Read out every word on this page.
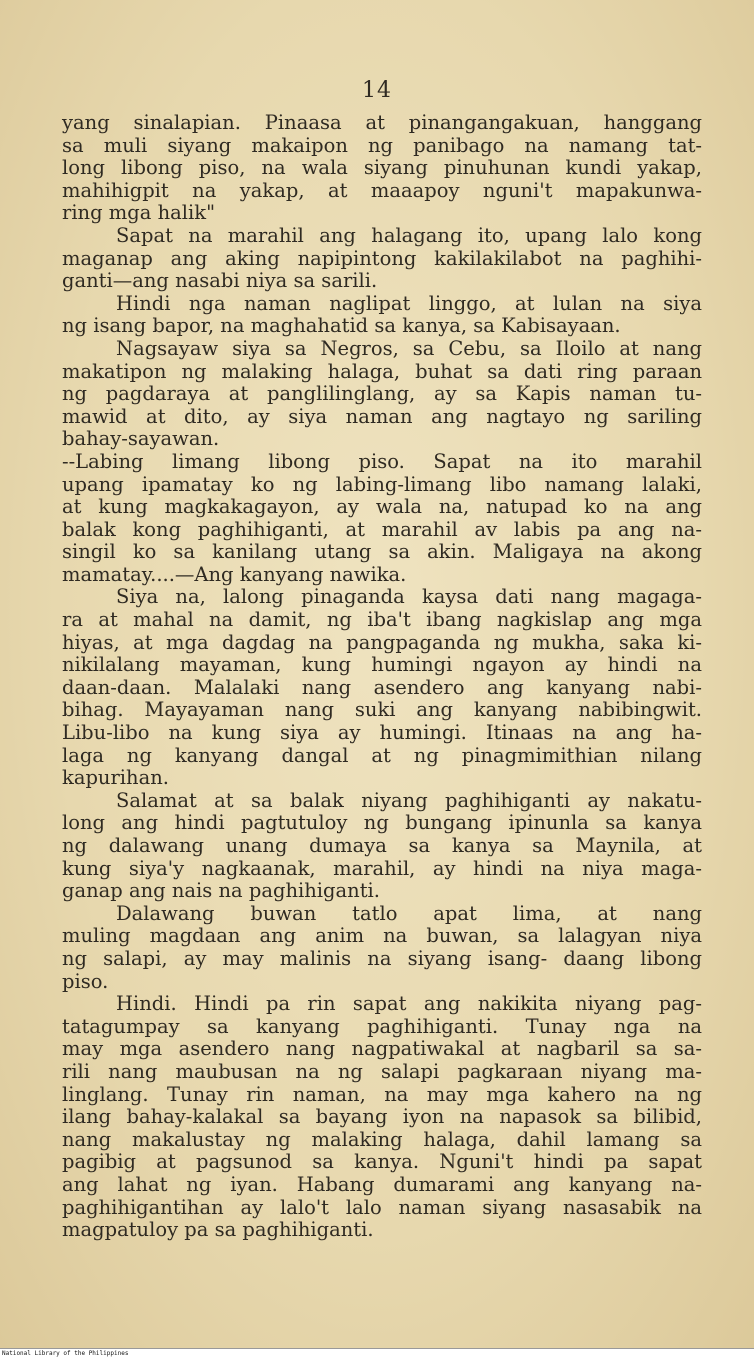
14
yang sinalapian. Pinaasa at pinangangakuan, hanggang
sa muli siyang makaipon ng panibago na namang tat-
long libong piso, na wala siyang pinuhunan kundi yakap,
mahihigpit na yakap, at maaapoy nguni't mapakunwa-
ring mga halik"
Sapat na marahil ang halagang ito, upang lalo kong
maganap ang aking napipintong kakilakilabot na paghihi-
ganti—ang nasabi niya sa sarili.
Hindi nga naman naglipat linggo, at lulan na siya
ng isang bapor, na maghahatid sa kanya, sa Kabisayaan.
Nagsayaw siya sa Negros, sa Cebu, sa Iloilo at nang
makatipon ng malaking halaga, buhat sa dati ring paraan
ng pagdaraya at panglilinglang, ay sa Kapis naman tu-
mawid at dito, ay siya naman ang nagtayo ng sariling
bahay-sayawan.
--Labing limang libong piso. Sapat na ito marahil
upang ipamatay ko ng labing-limang libo namang lalaki,
at kung magkakagayon, ay wala na, natupad ko na ang
balak kong paghihiganti, at marahil av labis pa ang na-
singil ko sa kanilang utang sa akin. Maligaya na akong
mamatay....—Ang kanyang nawika.
Siya na, lalong pinaganda kaysa dati nang magaga-
ra at mahal na damit, ng iba't ibang nagkislap ang mga
hiyas, at mga dagdag na pangpaganda ng mukha, saka ki-
nikilalang mayaman, kung humingi ngayon ay hindi na
daan-daan. Malalaki nang asendero ang kanyang nabi-
bihag. Mayayaman nang suki ang kanyang nabibingwit.
Libu-libo na kung siya ay humingi. Itinaas na ang ha-
laga ng kanyang dangal at ng pinagmimithian nilang
kapurihan.
Salamat at sa balak niyang paghihiganti ay nakatu-
long ang hindi pagtutuloy ng bungang ipinunla sa kanya
ng dalawang unang dumaya sa kanya sa Maynila, at
kung siya'y nagkaanak, marahil, ay hindi na niya maga-
ganap ang nais na paghihiganti.
Dalawang buwan tatlo apat lima, at nang
muling magdaan ang anim na buwan, sa lalagyan niya
ng salapi, ay may malinis na siyang isang- daang libong
piso.
Hindi. Hindi pa rin sapat ang nakikita niyang pag-
tatagumpay sa kanyang paghihiganti. Tunay nga na
may mga asendero nang nagpatiwakal at nagbaril sa sa-
rili nang maubusan na ng salapi pagkaraan niyang ma-
linglang. Tunay rin naman, na may mga kahero na ng
ilang bahay-kalakal sa bayang iyon na napasok sa bilibid,
nang makalustay ng malaking halaga, dahil lamang sa
pagibig at pagsunod sa kanya. Nguni't hindi pa sapat
ang lahat ng iyan. Habang dumarami ang kanyang na-
paghihigantihan ay lalo't lalo naman siyang nasasabik na
magpatuloy pa sa paghihiganti.
National Library of the Philippines
